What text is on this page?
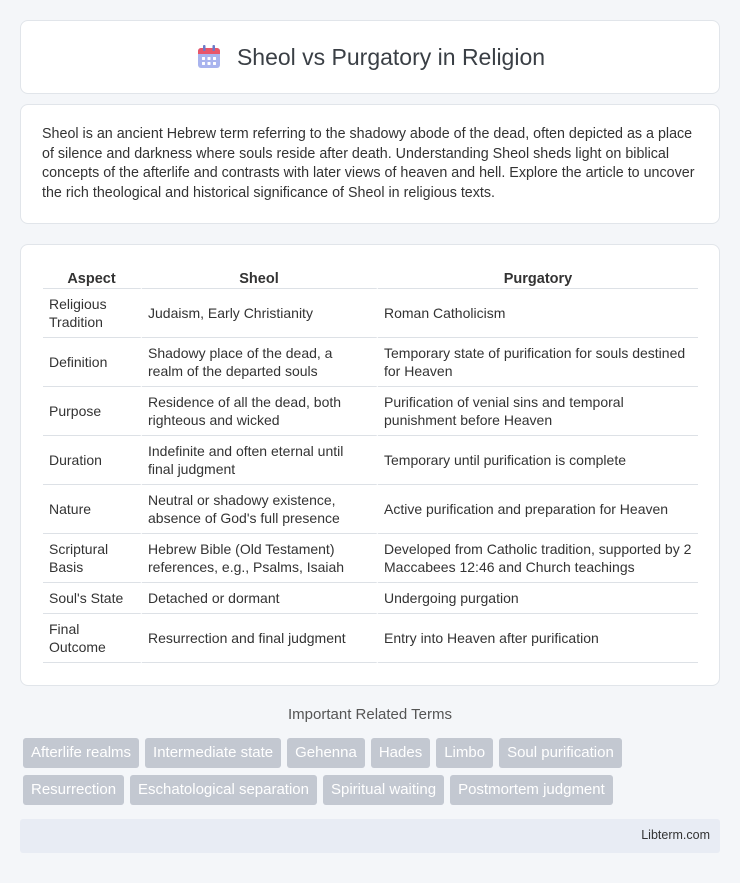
Sheol vs Purgatory in Religion

Sheol is an ancient Hebrew term referring to the shadowy abode of the dead, often depicted as a place of silence and darkness where souls reside after death. Understanding Sheol sheds light on biblical concepts of the afterlife and contrasts with later views of heaven and hell. Explore the article to uncover the rich theological and historical significance of Sheol in religious texts.

Aspect	Sheol	Purgatory
Religious Tradition	Judaism, Early Christianity	Roman Catholicism
Definition	Shadowy place of the dead, a realm of the departed souls	Temporary state of purification for souls destined for Heaven
Purpose	Residence of all the dead, both righteous and wicked	Purification of venial sins and temporal punishment before Heaven
Duration	Indefinite and often eternal until final judgment	Temporary until purification is complete
Nature	Neutral or shadowy existence, absence of God's full presence	Active purification and preparation for Heaven
Scriptural Basis	Hebrew Bible (Old Testament) references, e.g., Psalms, Isaiah	Developed from Catholic tradition, supported by 2 Maccabees 12:46 and Church teachings
Soul's State	Detached or dormant	Undergoing purgation
Final Outcome	Resurrection and final judgment	Entry into Heaven after purification
Important Related Terms
Afterlife realms	Intermediate state	Gehenna	Hades	Limbo	Soul purification
Resurrection	Eschatological separation	Spiritual waiting	Postmortem judgment
Libterm.com
